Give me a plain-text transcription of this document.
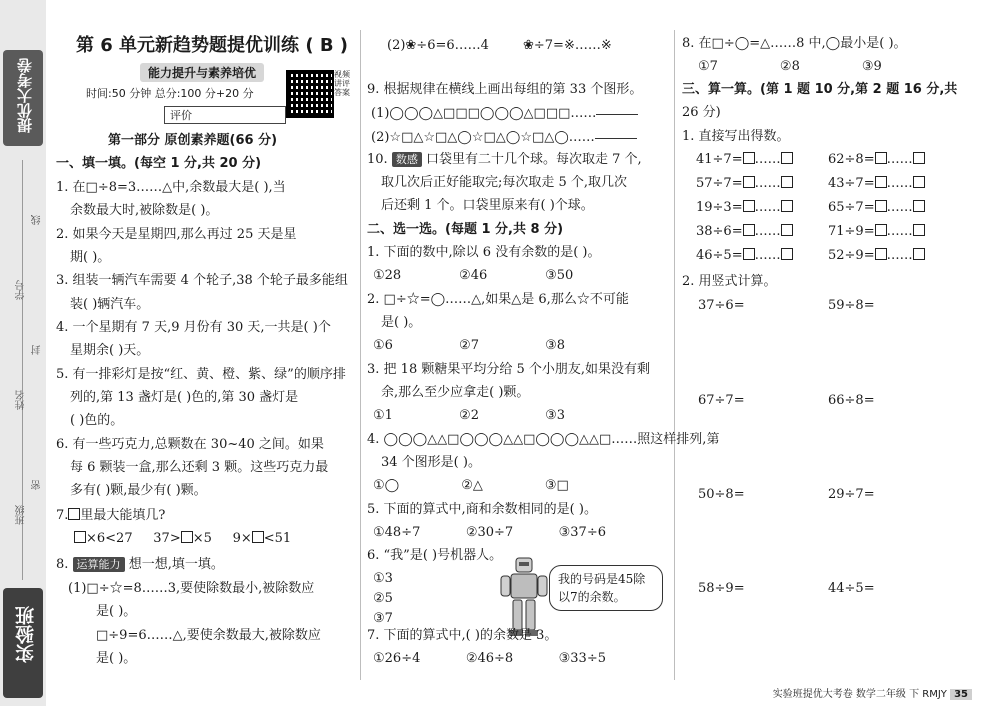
提优大考卷
班级
姓名
学号
线
封
密
实验班
第 6 单元新趋势题提优训练 ( B )
能力提升与素养培优
时间:50 分钟 总分:100 分+20 分
视频讲评答案
评价
第一部分 原创素养题(66 分)
一、填一填。(每空 1 分,共 20 分)
1. 在□÷8=3……△中,余数最大是( ),当
余数最大时,被除数是( )。
2. 如果今天是星期四,那么再过 25 天是星
期( )。
3. 组装一辆汽车需要 4 个轮子,38 个轮子最多能组
装( )辆汽车。
4. 一个星期有 7 天,9 月份有 30 天,一共是( )个
星期余( )天。
5. 有一排彩灯是按“红、黄、橙、紫、绿”的顺序排
列的,第 13 盏灯是( )色的,第 30 盏灯是
( )色的。
6. 有一些巧克力,总颗数在 30~40 之间。如果
每 6 颗装一盒,那么还剩 3 颗。这些巧克力最
多有( )颗,最少有( )颗。
7. 里最大能填几?
×6<27 37> ×5 9× <51
8. 运算能力 想一想,填一填。
(1)□÷☆=8……3,要使除数最小,被除数应
是( )。
□÷9=6……△,要使余数最大,被除数应
是( )。
(2)❀÷6=6……4	❀÷7=※……※
9. 根据规律在横线上画出每组的第 33 个图形。
(1)◯◯◯△□□□◯◯◯△□□□……
(2)☆□△☆□△◯☆□△◯☆□△◯……
10. 数感 口袋里有二十几个球。每次取走 7 个,
取几次后正好能取完;每次取走 5 个,取几次
后还剩 1 个。口袋里原来有( )个球。
二、选一选。(每题 1 分,共 8 分)
1. 下面的数中,除以 6 没有余数的是( )。
①28              ②46              ③50
2. □÷☆=◯……△,如果△是 6,那么☆不可能
是( )。
①6                ②7                ③8
3. 把 18 颗糖果平均分给 5 个小朋友,如果没有剩
余,那么至少应拿走( )颗。
①1                ②2                ③3
4. ◯◯◯△△□◯◯◯△△□◯◯◯△△□……照这样排列,第
34 个图形是( )。
①◯               ②△               ③□
5. 下面的算式中,商和余数相同的是( )。
①48÷7           ②30÷7           ③37÷6
6. “我”是( )号机器人。
①3
②5
③7
我的号码是45除以7的余数。
7. 下面的算式中,( )的余数是 3。
①26÷4           ②46÷8           ③33÷5
8. 在□÷◯=△……8 中,◯最小是( )。
①7               ②8               ③9
三、算一算。(第 1 题 10 分,第 2 题 16 分,共
26 分)
1. 直接写出得数。
41÷7= ……	62÷8= ……
57÷7= ……	43÷7= ……
19÷3= ……	65÷7= ……
38÷6= ……	71÷9= ……
46÷5= ……	52÷9= ……
2. 用竖式计算。
37÷6=	59÷8=
67÷7=	66÷8=
50÷8=	29÷7=
58÷9=	44÷5=
实验班提优大考卷 数学二年级 下 RMJY 35
